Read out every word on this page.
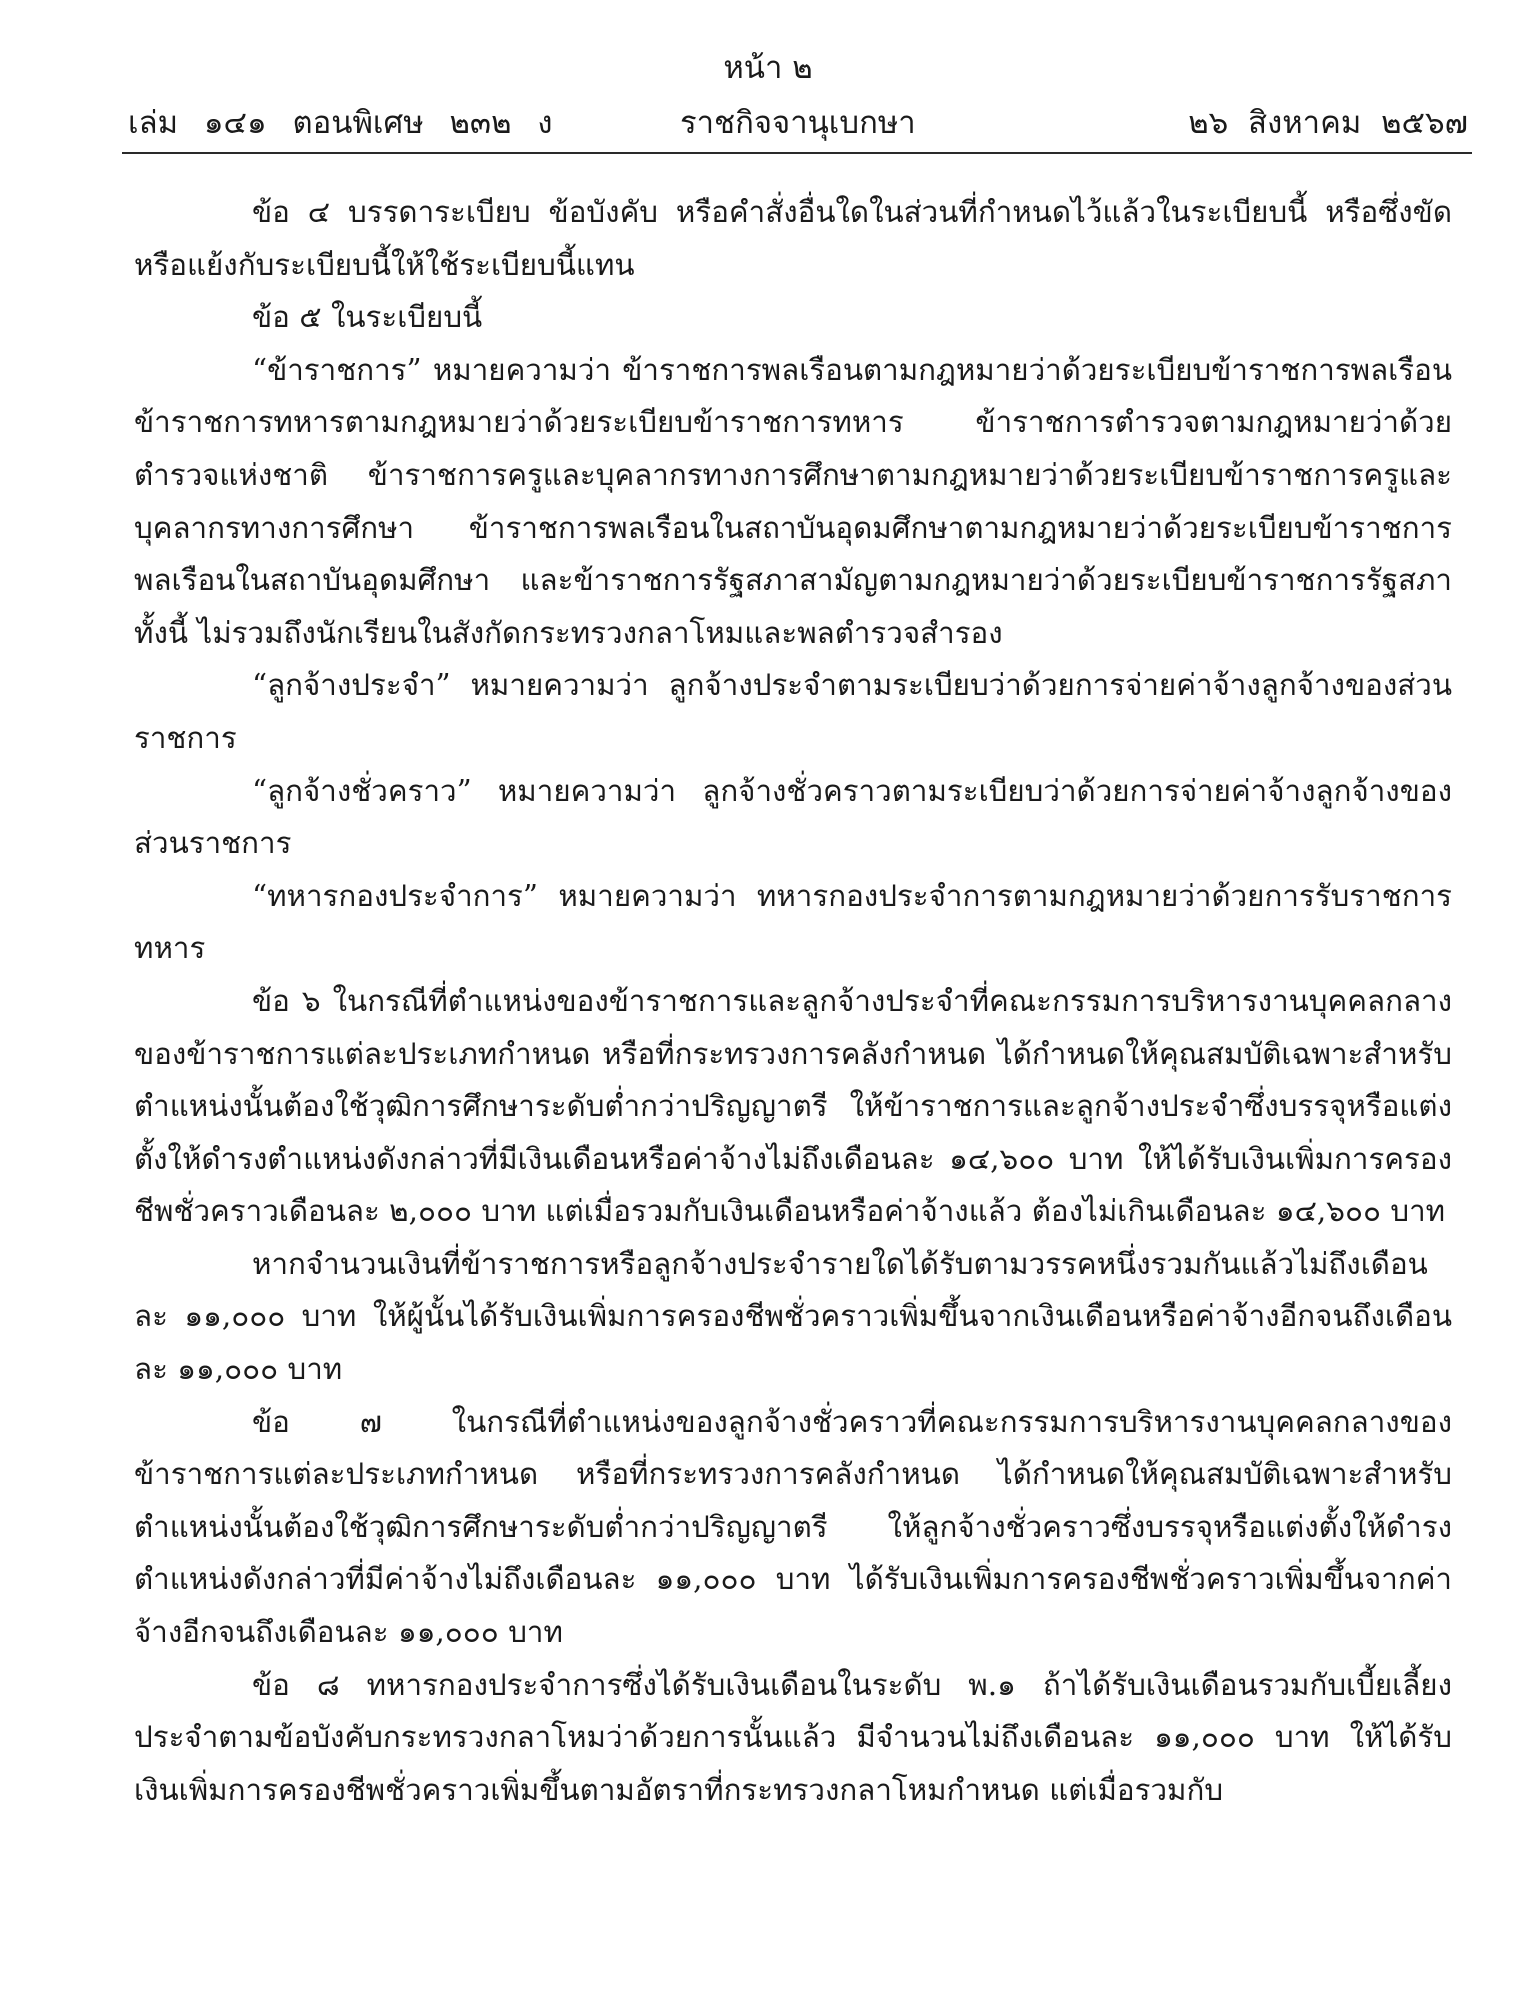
หน้า ๒
เล่ม ๑๔๑ ตอนพิเศษ ๒๓๒ ง	ราชกิจจานุเบกษา	๒๖ สิงหาคม ๒๕๖๗

ข้อ ๔ บรรดาระเบียบ ข้อบังคับ หรือคำสั่งอื่นใดในส่วนที่กำหนดไว้แล้วในระเบียบนี้ หรือซึ่งขัดหรือแย้งกับระเบียบนี้ให้ใช้ระเบียบนี้แทน

ข้อ ๕ ในระเบียบนี้

“ข้าราชการ” หมายความว่า ข้าราชการพลเรือนตามกฎหมายว่าด้วยระเบียบข้าราชการพลเรือน ข้าราชการทหารตามกฎหมายว่าด้วยระเบียบข้าราชการทหาร ข้าราชการตำรวจตามกฎหมายว่าด้วยตำรวจแห่งชาติ ข้าราชการครูและบุคลากรทางการศึกษาตามกฎหมายว่าด้วยระเบียบข้าราชการครูและบุคลากรทางการศึกษา ข้าราชการพลเรือนในสถาบันอุดมศึกษาตามกฎหมายว่าด้วยระเบียบข้าราชการพลเรือนในสถาบันอุดมศึกษา และข้าราชการรัฐสภาสามัญตามกฎหมายว่าด้วยระเบียบข้าราชการรัฐสภา ทั้งนี้ ไม่รวมถึงนักเรียนในสังกัดกระทรวงกลาโหมและพลตำรวจสำรอง

“ลูกจ้างประจำ” หมายความว่า ลูกจ้างประจำตามระเบียบว่าด้วยการจ่ายค่าจ้างลูกจ้างของส่วนราชการ

“ลูกจ้างชั่วคราว” หมายความว่า ลูกจ้างชั่วคราวตามระเบียบว่าด้วยการจ่ายค่าจ้างลูกจ้างของส่วนราชการ

“ทหารกองประจำการ” หมายความว่า ทหารกองประจำการตามกฎหมายว่าด้วยการรับราชการทหาร

ข้อ ๖ ในกรณีที่ตำแหน่งของข้าราชการและลูกจ้างประจำที่คณะกรรมการบริหารงานบุคคลกลางของข้าราชการแต่ละประเภทกำหนด หรือที่กระทรวงการคลังกำหนด ได้กำหนดให้คุณสมบัติเฉพาะสำหรับตำแหน่งนั้นต้องใช้วุฒิการศึกษาระดับต่ำกว่าปริญญาตรี ให้ข้าราชการและลูกจ้างประจำซึ่งบรรจุหรือแต่งตั้งให้ดำรงตำแหน่งดังกล่าวที่มีเงินเดือนหรือค่าจ้างไม่ถึงเดือนละ ๑๔,๖๐๐ บาท ให้ได้รับเงินเพิ่มการครองชีพชั่วคราวเดือนละ ๒,๐๐๐ บาท แต่เมื่อรวมกับเงินเดือนหรือค่าจ้างแล้ว ต้องไม่เกินเดือนละ ๑๔,๖๐๐ บาท

หากจำนวนเงินที่ข้าราชการหรือลูกจ้างประจำรายใดได้รับตามวรรคหนึ่งรวมกันแล้วไม่ถึงเดือนละ ๑๑,๐๐๐ บาท ให้ผู้นั้นได้รับเงินเพิ่มการครองชีพชั่วคราวเพิ่มขึ้นจากเงินเดือนหรือค่าจ้างอีกจนถึงเดือนละ ๑๑,๐๐๐ บาท

ข้อ ๗ ในกรณีที่ตำแหน่งของลูกจ้างชั่วคราวที่คณะกรรมการบริหารงานบุคคลกลางของข้าราชการแต่ละประเภทกำหนด หรือที่กระทรวงการคลังกำหนด ได้กำหนดให้คุณสมบัติเฉพาะสำหรับตำแหน่งนั้นต้องใช้วุฒิการศึกษาระดับต่ำกว่าปริญญาตรี ให้ลูกจ้างชั่วคราวซึ่งบรรจุหรือแต่งตั้งให้ดำรงตำแหน่งดังกล่าวที่มีค่าจ้างไม่ถึงเดือนละ ๑๑,๐๐๐ บาท ได้รับเงินเพิ่มการครองชีพชั่วคราวเพิ่มขึ้นจากค่าจ้างอีกจนถึงเดือนละ ๑๑,๐๐๐ บาท

ข้อ ๘ ทหารกองประจำการซึ่งได้รับเงินเดือนในระดับ พ.๑ ถ้าได้รับเงินเดือนรวมกับเบี้ยเลี้ยงประจำตามข้อบังคับกระทรวงกลาโหมว่าด้วยการนั้นแล้ว มีจำนวนไม่ถึงเดือนละ ๑๑,๐๐๐ บาท ให้ได้รับเงินเพิ่มการครองชีพชั่วคราวเพิ่มขึ้นตามอัตราที่กระทรวงกลาโหมกำหนด แต่เมื่อรวมกับ
